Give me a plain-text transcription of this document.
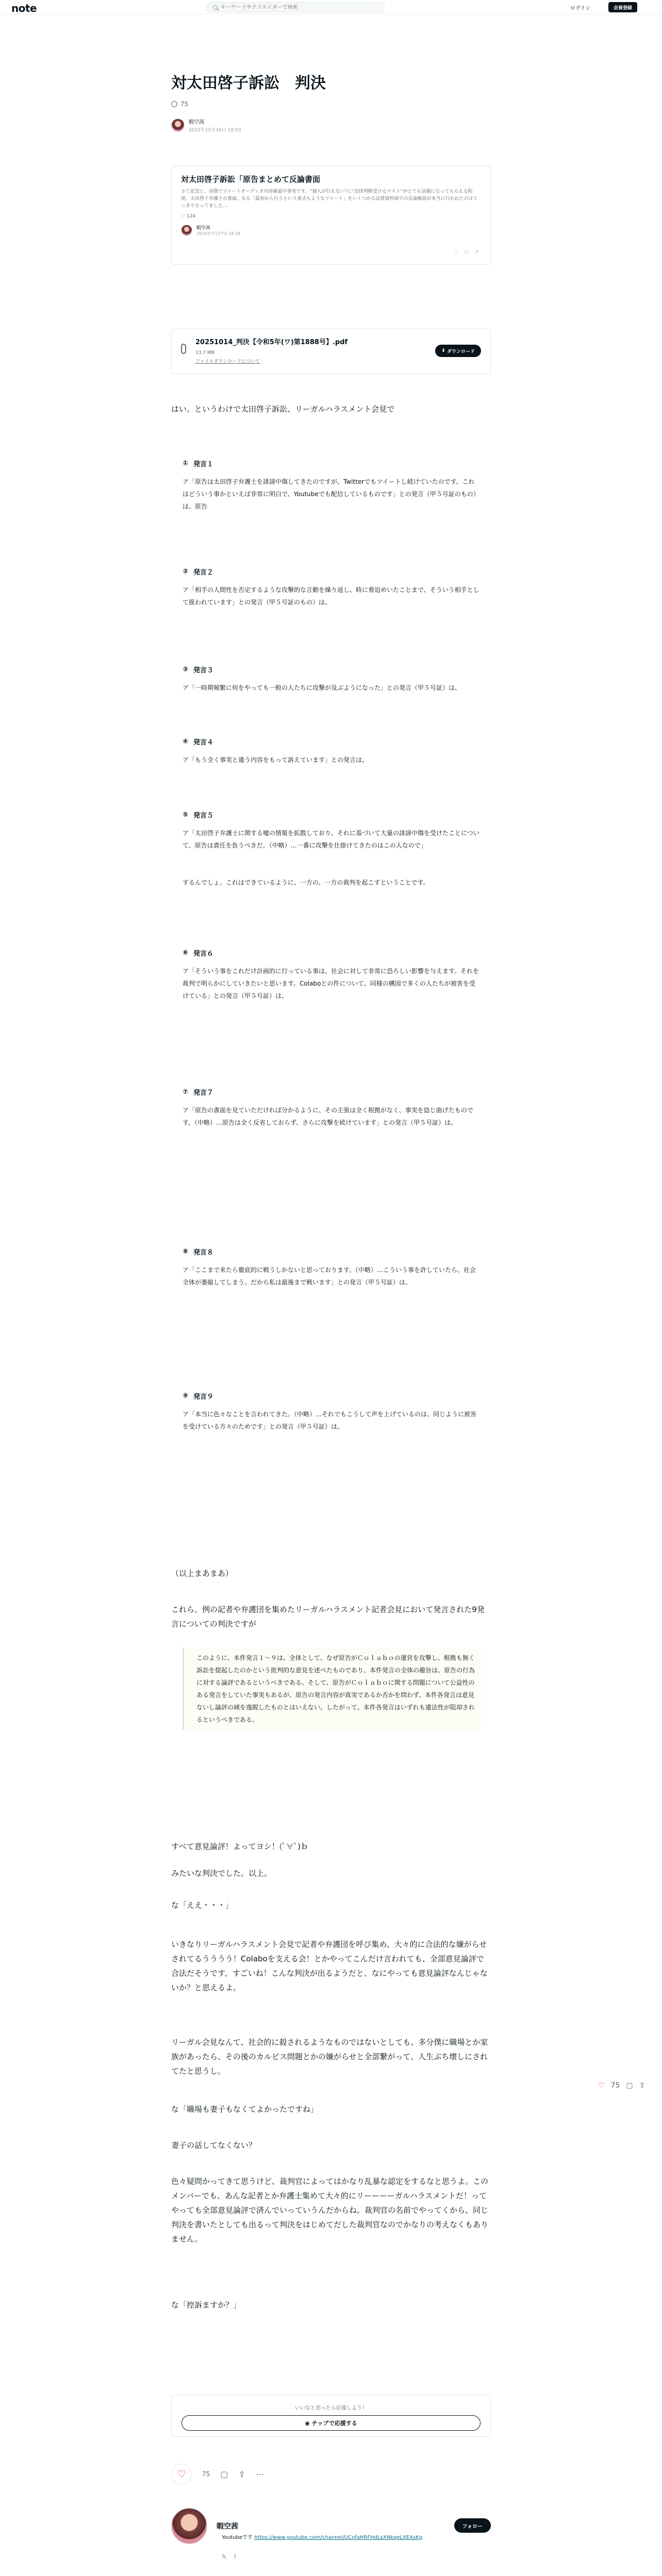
note
キーワードやクリエイターで検索	ログイン	会員登録
対太田啓子訴訟　判決
75
暇空茜
2025年10月16日 18:03
対太田啓子訴訟「原告まとめて反論書面
さて記念と、昼間でツイートオーディオ内容確認中事実です。“個人が行えない”に“法律判断受けるマスト”がとても話題になってもらえる程度。太田啓子弁護士の書面。なる「最初から行うという書式もようなツイート」をいくつかな法律資料面での反論解説が本当に行われたのはてっきりなってました…
♡ 124
暇空茜
2024年7月27日 18:34
♡ ○ ↗
20251014_判決【令和5年(ワ)第1888号】.pdf
13.7 MB
ファイルダウンロードについて
⬇ ダウンロード

はい。というわけで太田啓子訴訟、リーガルハラスメント会見で

① 発言１
ア「原告は太田啓子弁護士を誹謗中傷してきたのですが、Twitterでもツイートし続けていたのです。これはどういう事かといえば非常に明白で、Youtubeでも配信しているものです」との発言（甲５号証のもの）は、原告
② 発言２
ア「相手の人間性を否定するような攻撃的な言動を繰り返し、時に脅迫めいたことまで、そういう相手として扱われています」との発言（甲５号証のもの）は、
③ 発言３
ア「一時期頻繁に何をやっても一般の人たちに攻撃が及ぶようになった」との発言（甲５号証）は、
④ 発言４
ア「もう全く事実と違う内容をもって訴えています」との発言は、
⑤ 発言５
ア「太田啓子弁護士に関する嘘の情報を拡散しており、それに基づいて大量の誹謗中傷を受けたことについて、原告は責任を負うべきだ。（中略）…一番に攻撃を仕掛けてきたのはこの人なので」

するんでしょ。これはできているように、一方の、一方の裁判を起こすということです。
⑥ 発言６
ア「そういう事をこれだけ計画的に行っている事は、社会に対して非常に恐ろしい影響を与えます。それを裁判で明らかにしていきたいと思います。Colaboとの件について、同様の構図で多くの人たちが被害を受けている」との発言（甲５号証）は、
⑦ 発言７
ア「原告の書面を見ていただければ分かるように、その主張は全く根拠がなく、事実を捻じ曲げたものです。（中略）…原告は全く反省しておらず、さらに攻撃を続けています」との発言（甲５号証）は、
⑧ 発言８
ア「ここまで来たら徹底的に戦うしかないと思っております。（中略）…こういう事を許していたら、社会全体が萎縮してしまう。だから私は最後まで戦います」との発言（甲５号証）は、
⑨ 発言９
ア「本当に色々なことを言われてきた。（中略）…それでもこうして声を上げているのは、同じように被害を受けている方々のためです」との発言（甲５号証）は、

（以上まあまあ）

これら、例の記者や弁護団を集めたリーガルハラスメント記者会見において発言された9発言についての判決ですが

このように、本件発言１〜９は、全体として、なぜ原告がＣｏｌａｂｏの運営を攻撃し、根拠も無く訴訟を提起したのかという批判的な意見を述べたものであり、本件発言の全体の趣旨は、原告の行為に対する論評であるというべきである。そして、原告がＣｏｌａｂｏに関する問題について公益性のある発言をしていた事実もあるが、原告の発言内容が真実であるか否かを問わず、本件各発言は意見ないし論評の域を逸脱したものとはいえない。したがって、本件各発言はいずれも違法性が阻却されるというべきである。

すべて意見論評！よってヨシ！(ﾟ∀ﾟ)ｂ

みたいな判決でした。以上。

な「ええ・・・」

いきなりリーガルハラスメント会見で記者や弁護団を呼び集め、大々的に合法的な嫌がらせされてるうううう！Colaboを支える会！とかやってこんだけ言われても、全部意見論評で合法だそうです。すごいね！こんな判決が出るようだと、なにやっても意見論評なんじゃないか？と思えるよ。

リーガル会見なんて、社会的に殺されるようなものではないとしても、多分僕に職場とか家族があったら、その後のカルピス問題とかの嫌がらせと全部繋がって、人生ぶち壊しにされてたと思うし。

な「職場も妻子もなくてよかったですね」

妻子の話してなくない？

色々疑問かってきて思うけど、裁判官によってはかなり乱暴な認定をするなと思うよ。このメンバーでも、あんな記者とか弁護士集めて大々的にリーーーーガルハラスメントだ！ってやっても全部意見論評で済んでいっていうんだからね。裁判官の名前でやってくから、同じ判決を書いたとしても出るって判決をはじめてだした裁判官なのでかなりの考えなくもありません。

な「控訴ますか？」

♡ 75 ▢ ⇪
いいなと思ったら応援しよう！
◉ チップで応援する
♡	75 ▢ ⇪ ⋯
暇空茜	フォロー
Youtubeです https://www.youtube.com/channel/UCofaHRFHdLsXNkqeLXEAsKg
𝕏 ⌇
